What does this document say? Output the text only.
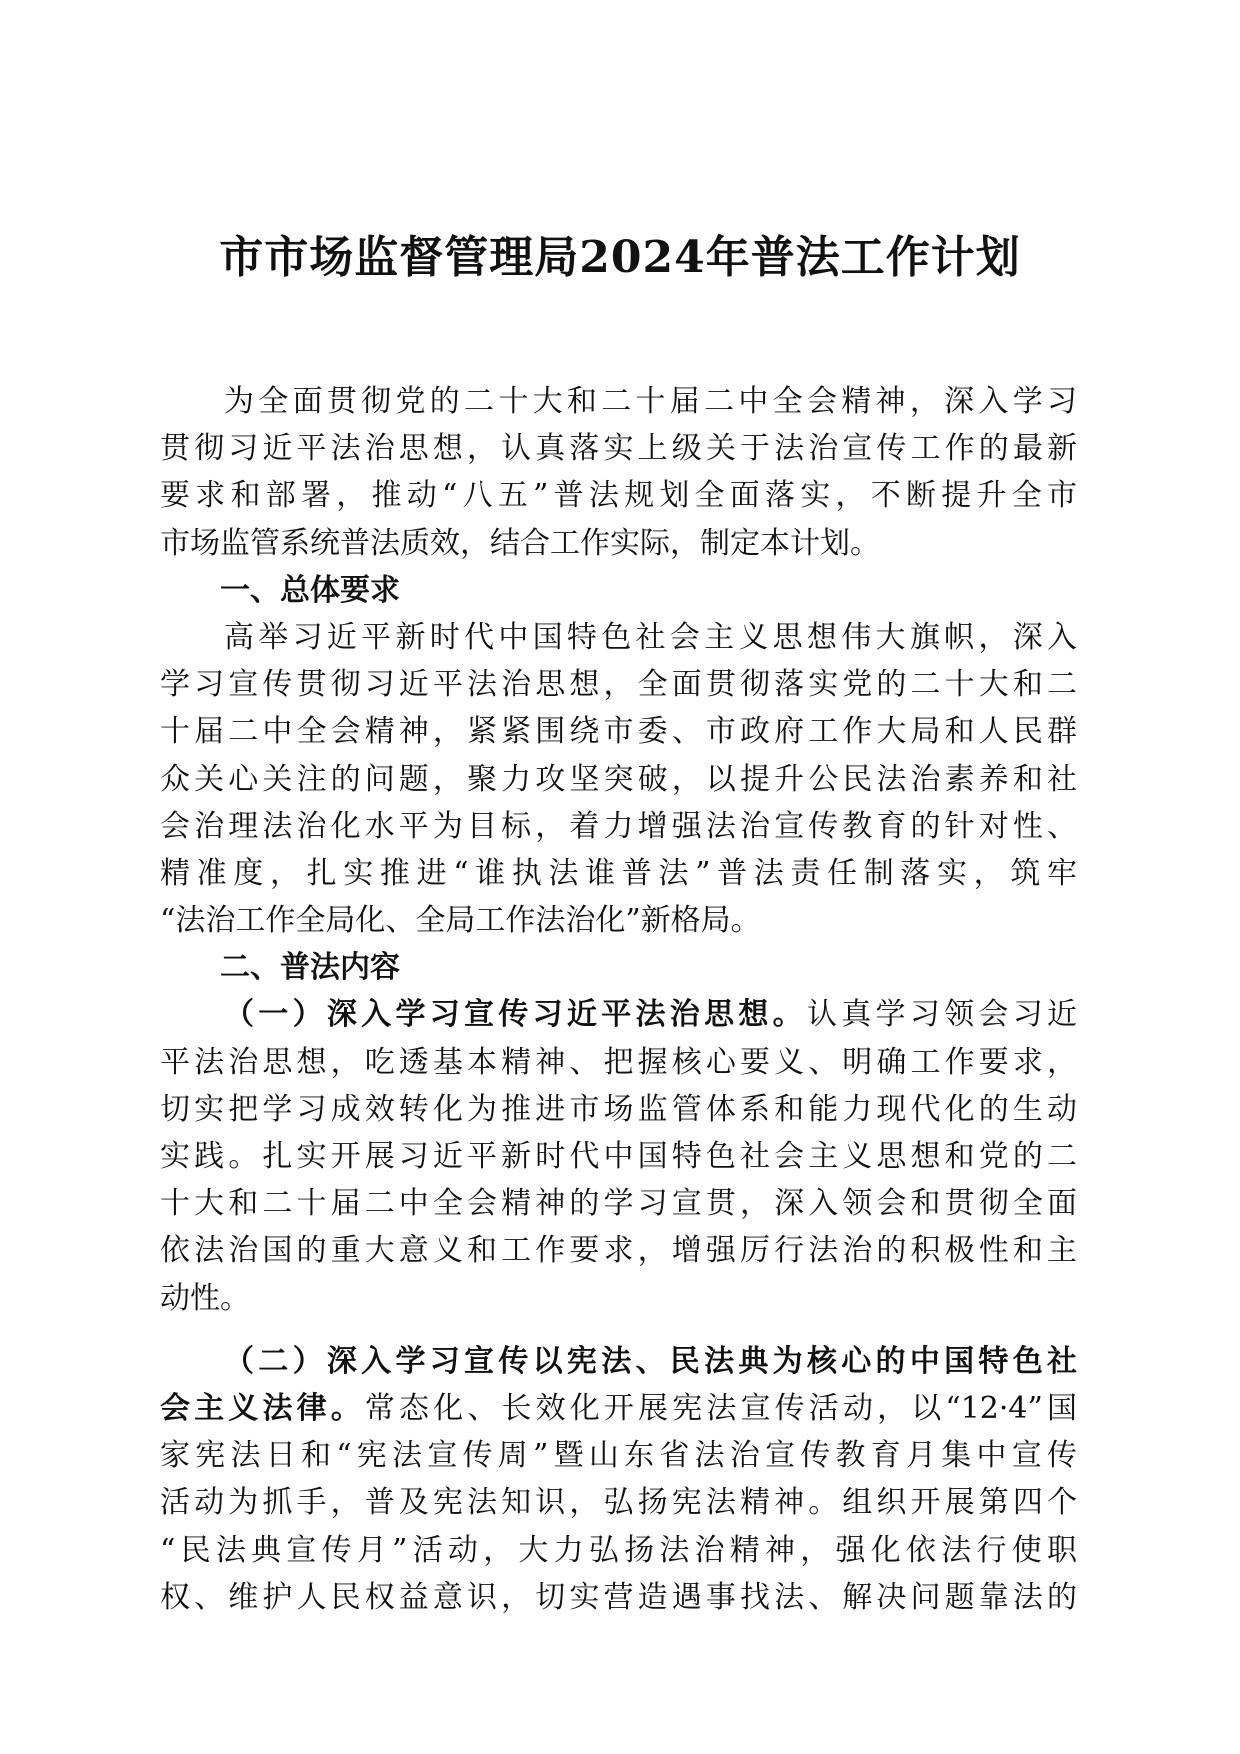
市市场监督管理局2024年普法工作计划
为全面贯彻党的二十大和二十届二中全会精神，深入学习
贯彻习近平法治思想，认真落实上级关于法治宣传工作的最新
要求和部署，推动“八五”普法规划全面落实，不断提升全市
市场监管系统普法质效，结合工作实际，制定本计划。
一、总体要求
高举习近平新时代中国特色社会主义思想伟大旗帜，深入
学习宣传贯彻习近平法治思想，全面贯彻落实党的二十大和二
十届二中全会精神，紧紧围绕市委、市政府工作大局和人民群
众关心关注的问题，聚力攻坚突破，以提升公民法治素养和社
会治理法治化水平为目标，着力增强法治宣传教育的针对性、
精准度，扎实推进“谁执法谁普法”普法责任制落实，筑牢
“法治工作全局化、全局工作法治化”新格局。
二、普法内容
（一）深入学习宣传习近平法治思想。认真学习领会习近
平法治思想，吃透基本精神、把握核心要义、明确工作要求，
切实把学习成效转化为推进市场监管体系和能力现代化的生动
实践。扎实开展习近平新时代中国特色社会主义思想和党的二
十大和二十届二中全会精神的学习宣贯，深入领会和贯彻全面
依法治国的重大意义和工作要求，增强厉行法治的积极性和主
动性。
（二）深入学习宣传以宪法、民法典为核心的中国特色社
会主义法律。常态化、长效化开展宪法宣传活动，以“12·4”国
家宪法日和“宪法宣传周”暨山东省法治宣传教育月集中宣传
活动为抓手，普及宪法知识，弘扬宪法精神。组织开展第四个
“民法典宣传月”活动，大力弘扬法治精神，强化依法行使职
权、维护人民权益意识，切实营造遇事找法、解决问题靠法的
